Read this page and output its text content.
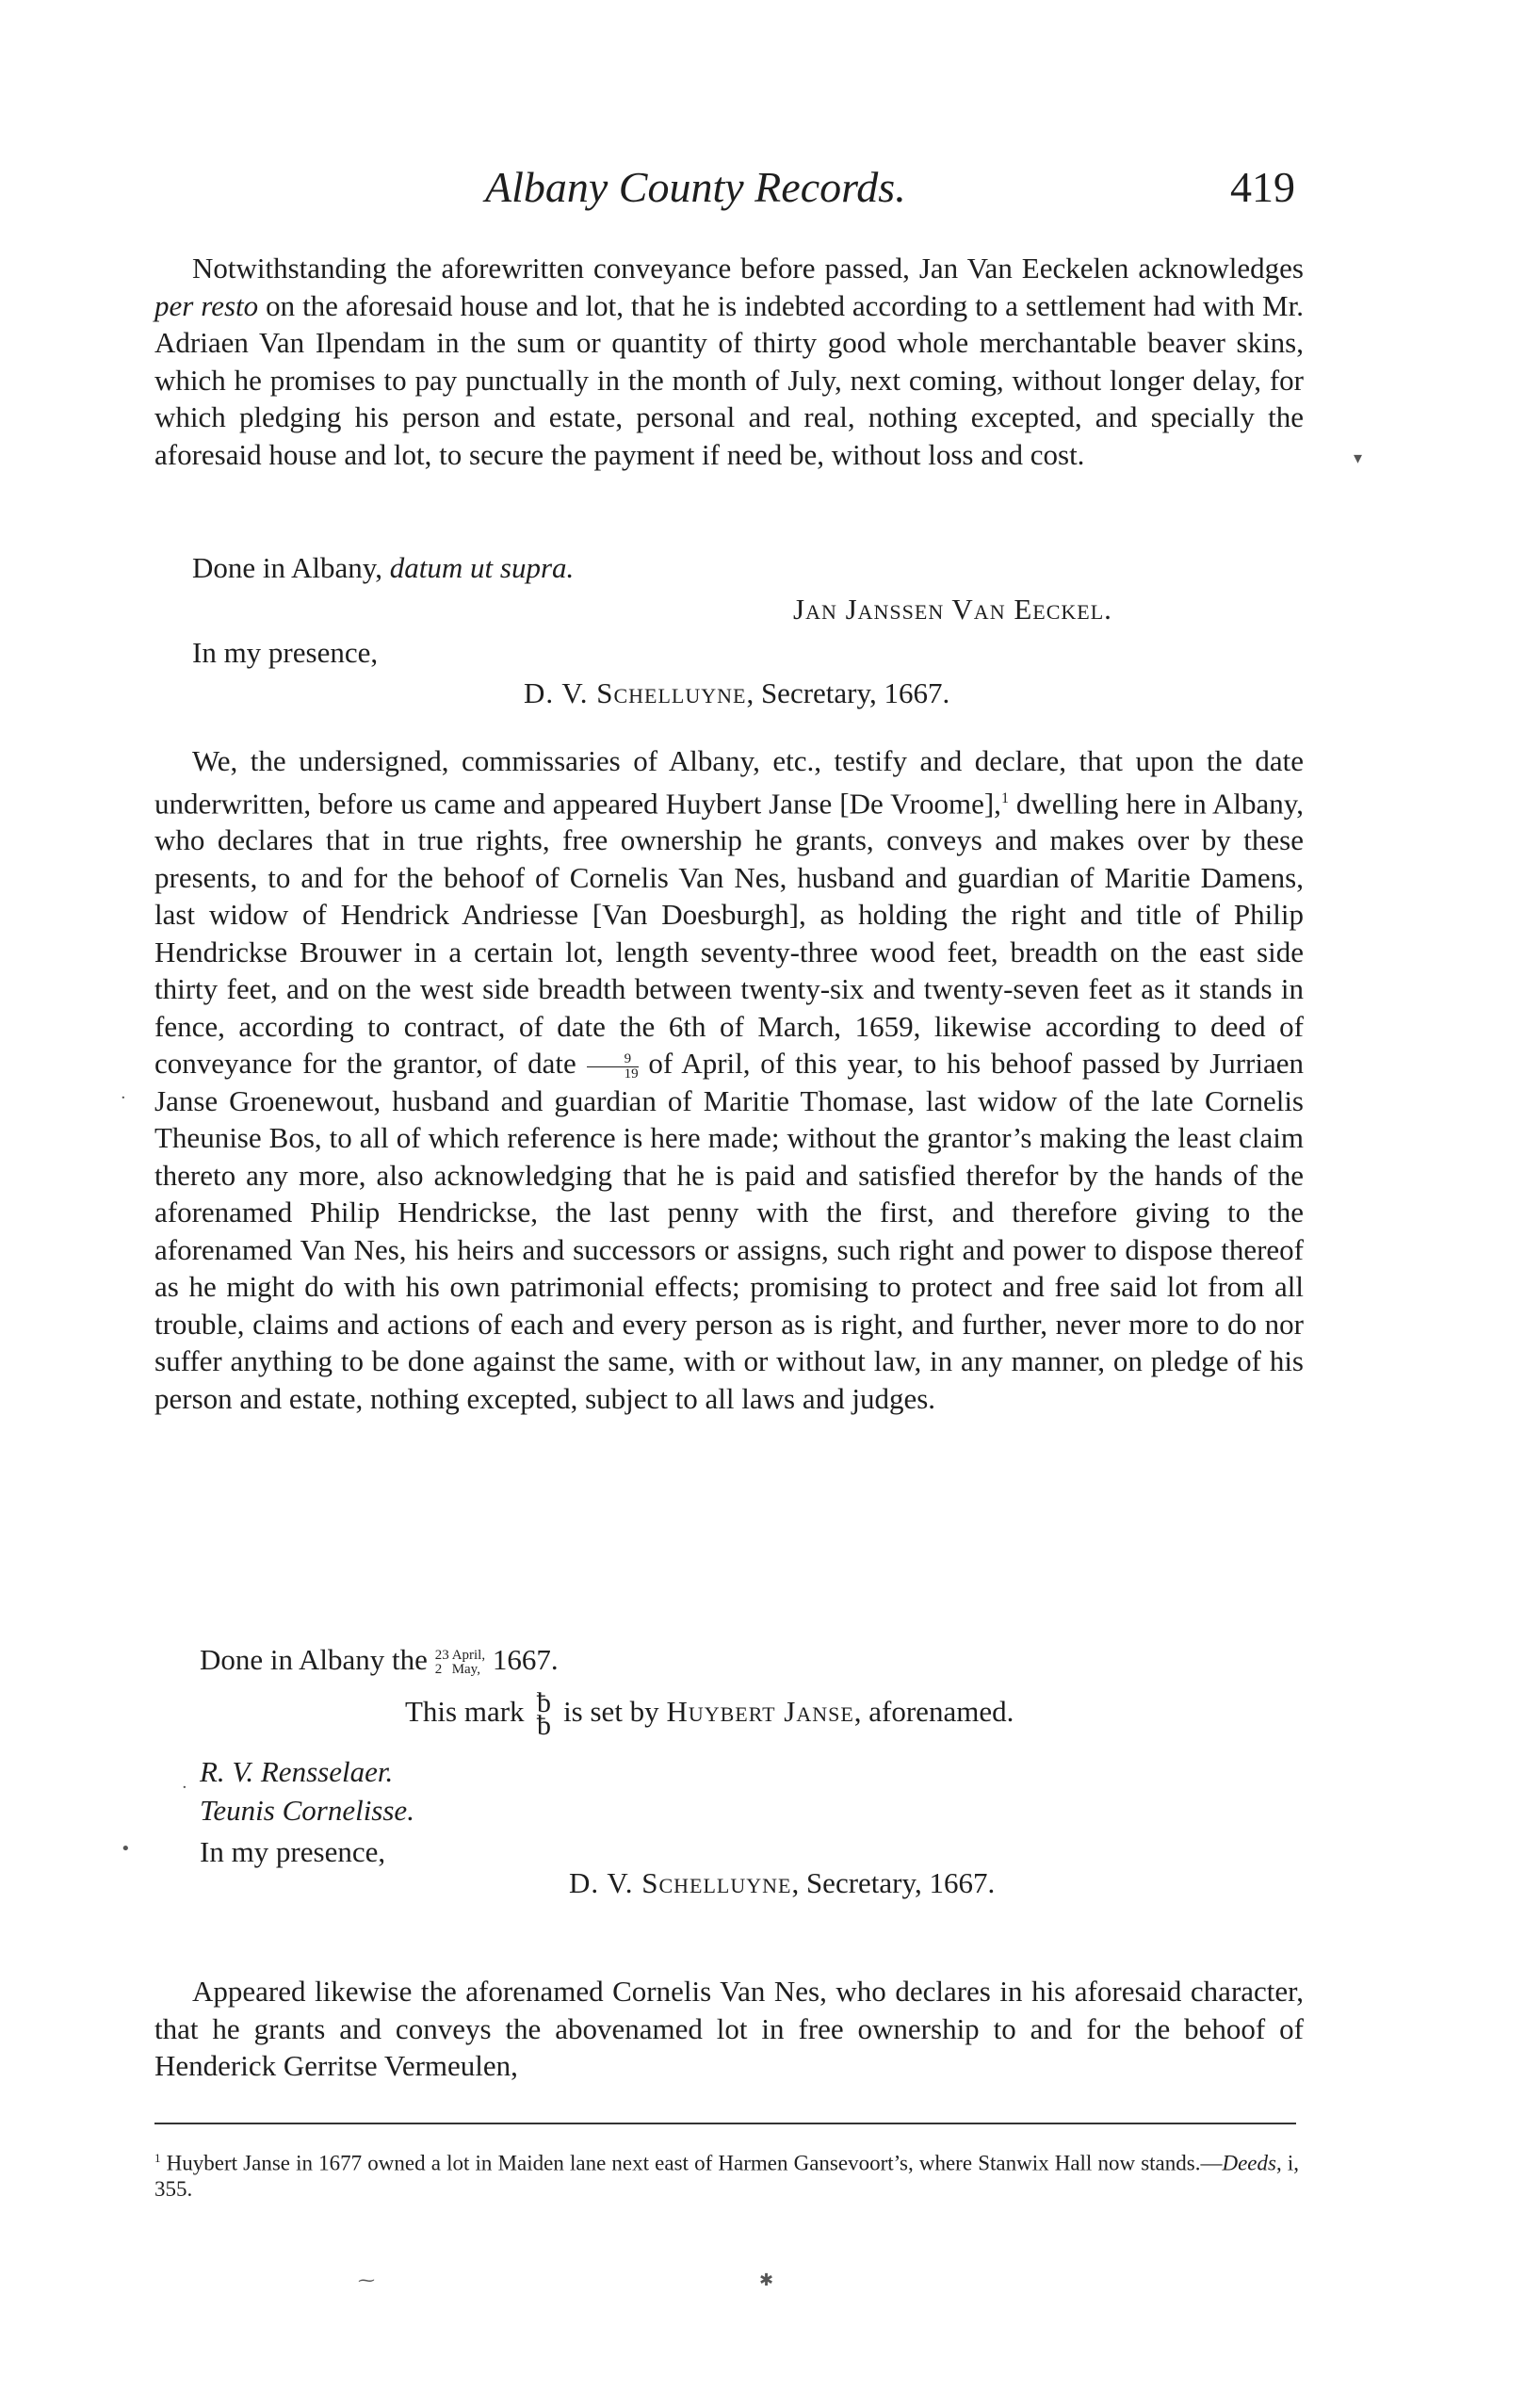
Albany County Records.	419

Notwithstanding the aforewritten conveyance before passed, Jan Van Eeckelen acknowledges per resto on the aforesaid house and lot, that he is indebted according to a settlement had with Mr. Adriaen Van Ilpendam in the sum or quantity of thirty good whole merchantable beaver skins, which he promises to pay punctually in the month of July, next coming, without longer delay, for which pledging his person and estate, personal and real, nothing excepted, and specially the aforesaid house and lot, to secure the payment if need be, without loss and cost.

Done in Albany, datum ut supra.
Jan Janssen Van Eeckel.
In my presence,
D. V. Schelluyne, Secretary, 1667.

We, the undersigned, commissaries of Albany, etc., testify and declare, that upon the date underwritten, before us came and appeared Huybert Janse [De Vroome],$^1$ dwelling here in Albany, who declares that in true rights, free ownership he grants, conveys and makes over by these presents, to and for the behoof of Cornelis Van Nes, husband and guardian of Maritie Damens, last widow of Hendrick Andriesse [Van Doesburgh], as holding the right and title of Philip Hendrickse Brouwer in a certain lot, length seventy-three wood feet, breadth on the east side thirty feet, and on the west side breadth between twenty-six and twenty-seven feet as it stands in fence, according to contract, of date the 6th of March, 1659, likewise according to deed of conveyance for the grantor, of date $\frac{9}{19}$ of April, of this year, to his behoof passed by Jurriaen Janse Groenewout, husband and guardian of Maritie Thomase, last widow of the late Cornelis Theunise Bos, to all of which reference is here made; without the grantor’s making the least claim thereto any more, also acknowledging that he is paid and satisfied therefor by the hands of the aforenamed Philip Hendrickse, the last penny with the first, and therefore giving to the aforenamed Van Nes, his heirs and successors or assigns, such right and power to dispose thereof as he might do with his own patrimonial effects; promising to protect and free said lot from all trouble, claims and actions of each and every person as is right, and further, never more to do nor suffer anything to be done against the same, with or without law, in any manner, on pledge of his person and estate, nothing excepted, subject to all laws and judges.

Done in Albany the 23
2
April,
May, 1667.
This mark ƀ
ƀ is set by Huybert Janse, aforenamed.
R. V. Rensselaer.
Teunis Cornelisse.
In my presence,
D. V. Schelluyne, Secretary, 1667.

Appeared likewise the aforenamed Cornelis Van Nes, who declares in his aforesaid character, that he grants and conveys the abovenamed lot in free ownership to and for the behoof of Henderick Gerritse Vermeulen,

$^1$ Huybert Janse in 1677 owned a lot in Maiden lane next east of Harmen Gansevoort’s, where Stanwix Hall now stands.—Deeds, i, 355.

▾
·
·
•
⁓	✱
